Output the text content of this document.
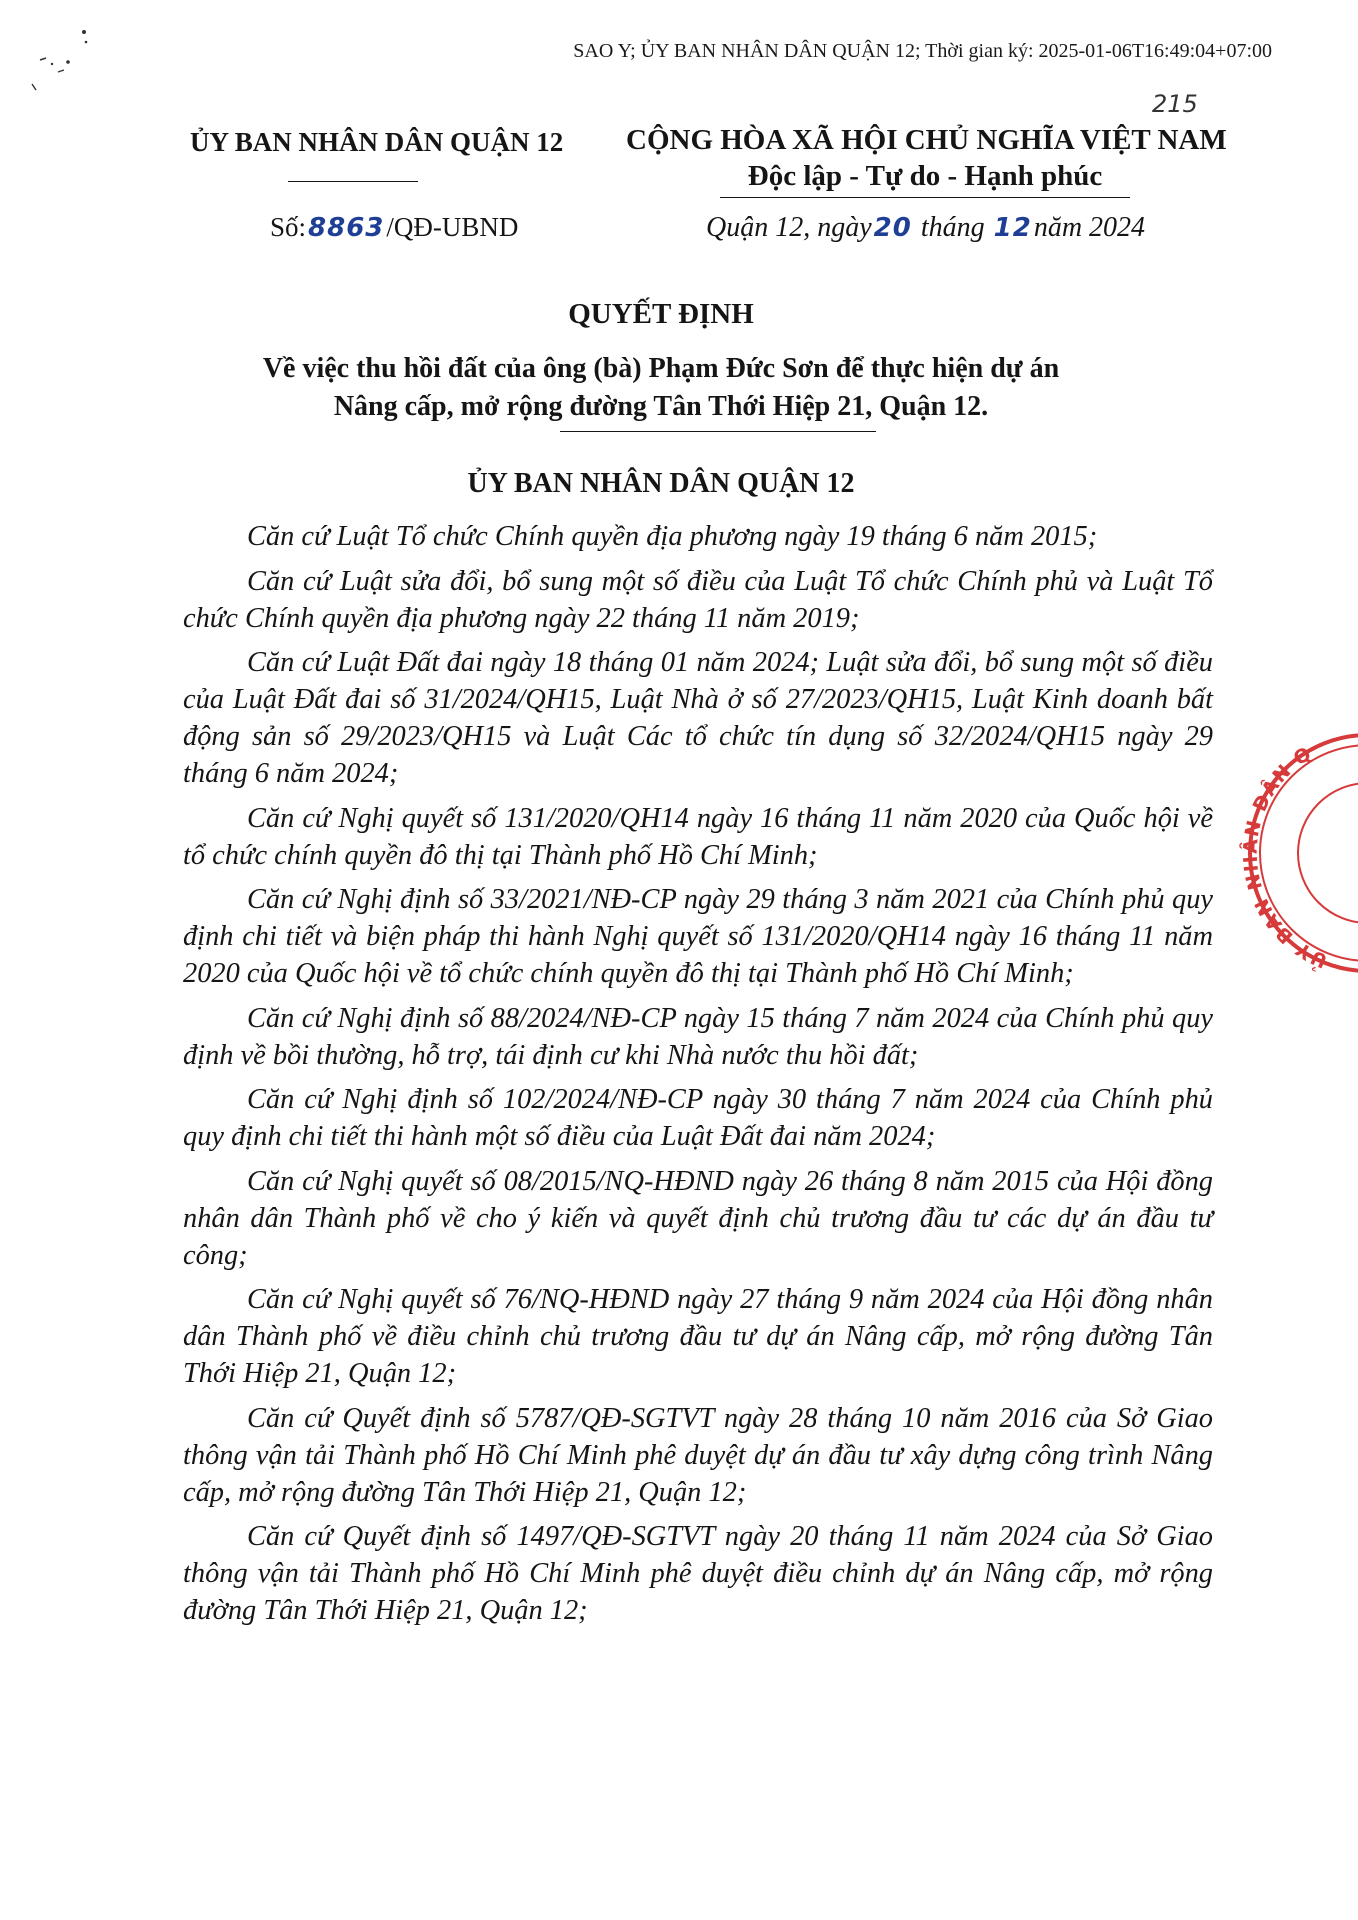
SAO Y; ỦY BAN NHÂN DÂN QUẬN 12; Thời gian ký: 2025-01-06T16:49:04+07:00
215
ỦY BAN NHÂN DÂN QUẬN 12 CỘNG HÒA XÃ HỘI CHỦ NGHĨA VIỆT NAM
Độc lập - Tự do - Hạnh phúc
Số:8863/QĐ-UBND	Quận 12, ngày20 tháng 12năm 2024
QUYẾT ĐỊNH
Về việc thu hồi đất của ông (bà) Phạm Đức Sơn để thực hiện dự án
Nâng cấp, mở rộng đường Tân Thới Hiệp 21, Quận 12.
ỦY BAN NHÂN DÂN QUẬN 12

Căn cứ Luật Tổ chức Chính quyền địa phương ngày 19 tháng 6 năm 2015;

Căn cứ Luật sửa đổi, bổ sung một số điều của Luật Tổ chức Chính phủ và Luật Tổ chức Chính quyền địa phương ngày 22 tháng 11 năm 2019;

Căn cứ Luật Đất đai ngày 18 tháng 01 năm 2024; Luật sửa đổi, bổ sung một số điều của Luật Đất đai số 31/2024/QH15, Luật Nhà ở số 27/2023/QH15, Luật Kinh doanh bất động sản số 29/2023/QH15 và Luật Các tổ chức tín dụng số 32/2024/QH15 ngày 29 tháng 6 năm 2024;

Căn cứ Nghị quyết số 131/2020/QH14 ngày 16 tháng 11 năm 2020 của Quốc hội về tổ chức chính quyền đô thị tại Thành phố Hồ Chí Minh;

Căn cứ Nghị định số 33/2021/NĐ-CP ngày 29 tháng 3 năm 2021 của Chính phủ quy định chi tiết và biện pháp thi hành Nghị quyết số 131/2020/QH14 ngày 16 tháng 11 năm 2020 của Quốc hội về tổ chức chính quyền đô thị tại Thành phố Hồ Chí Minh;

Căn cứ Nghị định số 88/2024/NĐ-CP ngày 15 tháng 7 năm 2024 của Chính phủ quy định về bồi thường, hỗ trợ, tái định cư khi Nhà nước thu hồi đất;

Căn cứ Nghị định số 102/2024/NĐ-CP ngày 30 tháng 7 năm 2024 của Chính phủ quy định chi tiết thi hành một số điều của Luật Đất đai năm 2024;

Căn cứ Nghị quyết số 08/2015/NQ-HĐND ngày 26 tháng 8 năm 2015 của Hội đồng nhân dân Thành phố về cho ý kiến và quyết định chủ trương đầu tư các dự án đầu tư công;

Căn cứ Nghị quyết số 76/NQ-HĐND ngày 27 tháng 9 năm 2024 của Hội đồng nhân dân Thành phố về điều chỉnh chủ trương đầu tư dự án Nâng cấp, mở rộng đường Tân Thới Hiệp 21, Quận 12;

Căn cứ Quyết định số 5787/QĐ-SGTVT ngày 28 tháng 10 năm 2016 của Sở Giao thông vận tải Thành phố Hồ Chí Minh phê duyệt dự án đầu tư xây dựng công trình Nâng cấp, mở rộng đường Tân Thới Hiệp 21, Quận 12;

Căn cứ Quyết định số 1497/QĐ-SGTVT ngày 20 tháng 11 năm 2024 của Sở Giao thông vận tải Thành phố Hồ Chí Minh phê duyệt điều chỉnh dự án Nâng cấp, mở rộng đường Tân Thới Hiệp 21, Quận 12;

ỦY BAN NHÂN DÂN Q
